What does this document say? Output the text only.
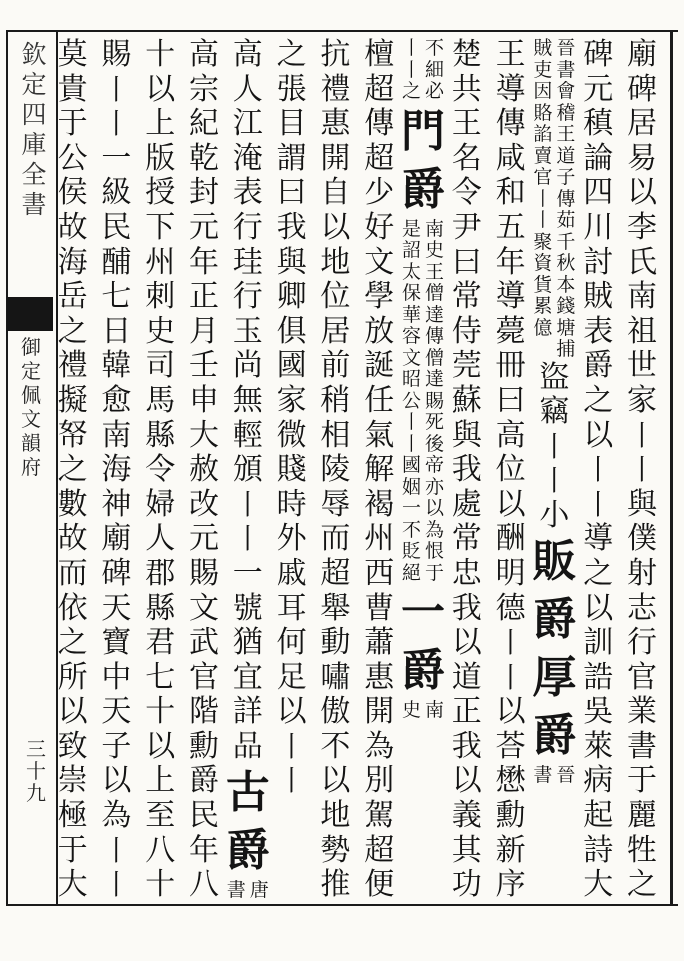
欽
定
四
庫
全
書
御
定
佩
文
韻
府
三
十
九
廟
碑
居
易
以
李
氏
南
祖
世
家
丨
丨
與
僕
射
志
行
官
業
書
于
麗
牲
之
碑
元
稹
論
四
川
討
賊
表
爵
之
以
丨
丨
導
之
以
訓
誥
吳
萊
病
起
詩
大
賊 晉
吏 書
因 會
賂 稽
諂 王
賣 道
官 子
丨 傳
丨 茹
聚 千
資 秋
貨 本
累 錢
億 塘
捕
盜
竊
丨
丨
小
販
爵
厚
爵
書 晉
王
導
傳
咸
和
五
年
導
薨
冊
曰
高
位
以
酬
明
德
丨
丨
以
荅
懋
勳
新
序
楚
共
王
名
令
尹
曰
常
侍
莞
蘇
與
我
處
常
忠
我
以
道
正
我
以
義
其
功
丨 不
丨 細
之 必
門
爵
是 南
詔 史
太 王
保 僧
華 達
容 傳
文 僧
昭 達
公 賜
丨 死
丨 後
國 帝
姻 亦
一 以
不 為
貶 恨
絕 于
一
爵
史 南
檀
超
傳
超
少
好
文
學
放
誕
任
氣
解
褐
州
西
曹
蕭
惠
開
為
別
駕
超
便
抗
禮
惠
開
自
以
地
位
居
前
稍
相
陵
辱
而
超
舉
動
嘯
傲
不
以
地
勢
推
之
張
目
謂
曰
我
與
卿
俱
國
家
微
賤
時
外
戚
耳
何
足
以
丨
丨
高
人
江
淹
表
行
珪
行
玉
尚
無
輕
頒
丨
丨
一
號
猶
宜
詳
品
古
爵
書 唐
高
宗
紀
乾
封
元
年
正
月
壬
申
大
赦
改
元
賜
文
武
官
階
勳
爵
民
年
八
十
以
上
版
授
下
州
刺
史
司
馬
縣
令
婦
人
郡
縣
君
七
十
以
上
至
八
十
賜
丨
丨
一
級
民
酺
七
日
韓
愈
南
海
神
廟
碑
天
寶
中
天
子
以
為
丨
丨
莫
貴
于
公
侯
故
海
岳
之
禮
擬
帑
之
數
故
而
依
之
所
以
致
崇
極
于
大
